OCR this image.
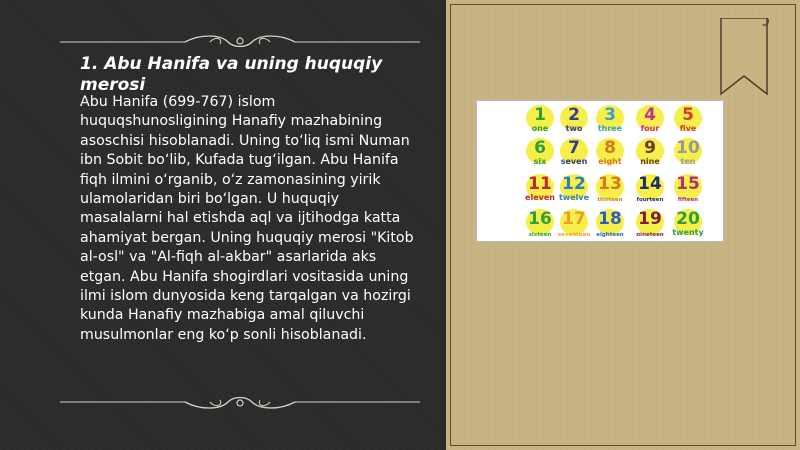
1. Abu Hanifa va uning huquqiy merosi

Abu Hanifa (699-767) islom huquqshunosligining Hanafiy mazhabining asoschisi hisoblanadi. Uning to‘liq ismi Numan ibn Sobit bo‘lib, Kufada tug‘ilgan. Abu Hanifa fiqh ilmini o‘rganib, o‘z zamonasining yirik ulamolaridan biri bo‘lgan. U huquqiy masalalarni hal etishda aql va ijtihodga katta ahamiyat bergan. Uning huquqiy merosi "Kitob al-osl" va "Al-fiqh al-akbar" asarlarida aks etgan. Abu Hanifa shogirdlari vositasida uning ilmi islom dunyosida keng tarqalgan va hozirgi kunda Hanafiy mazhabiga amal qiluvchi musulmonlar eng ko‘p sonli hisoblanadi.

1
one
2
two
3
three
4
four
5
five
6
six
7
seven
8
eight
9
nine
10
ten
11
eleven
12
twelve
13
thirteen
14
fourteen
15
fifteen
16
sixteen
17
seventeen
18
eighteen
19
nineteen
20
twenty
